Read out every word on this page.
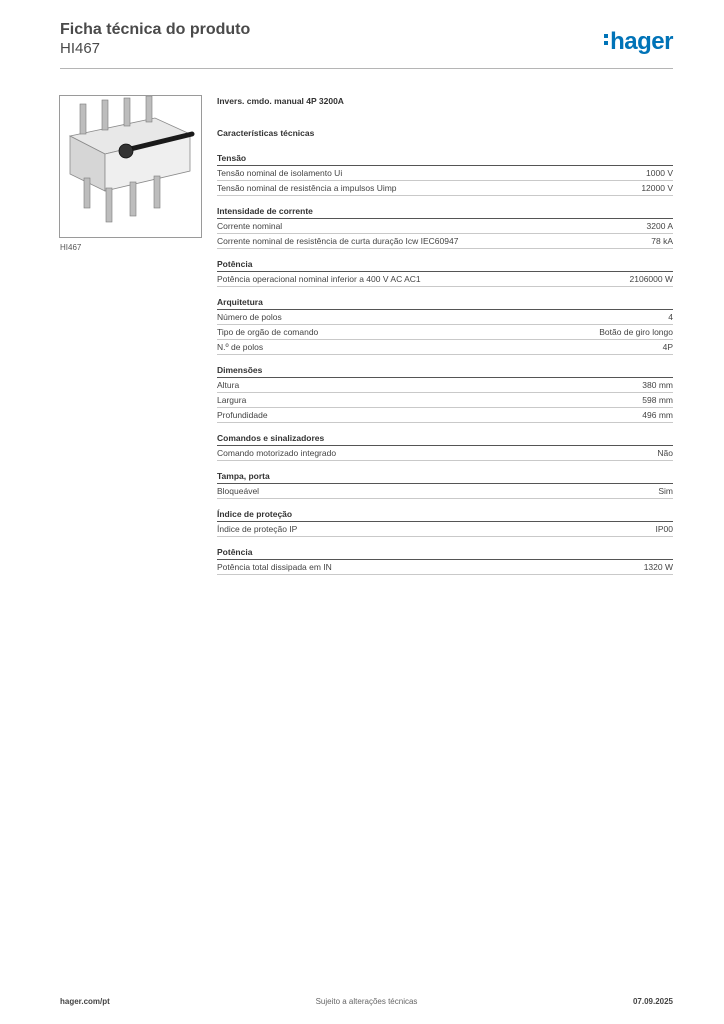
Ficha técnica do produto
HI467	hager
HI467
Invers. cmdo. manual 4P 3200A
Características técnicas
Tensão
Tensão nominal de isolamento Ui	1000 V
Tensão nominal de resistência a impulsos Uimp	12000 V
Intensidade de corrente
Corrente nominal	3200 A
Corrente nominal de resistência de curta duração Icw IEC60947	78 kA
Potência
Potência operacional nominal inferior a 400 V AC AC1	2106000 W
Arquitetura
Número de polos	4
Tipo de orgão de comando	Botão de giro longo
N.º de polos	4P
Dimensões
Altura	380 mm
Largura	598 mm
Profundidade	496 mm
Comandos e sinalizadores
Comando motorizado integrado	Não
Tampa, porta
Bloqueável	Sim
Índice de proteção
Índice de proteção IP	IP00
Potência
Potência total dissipada em IN	1320 W
hager.com/pt	Sujeito a alterações técnicas	07.09.2025
